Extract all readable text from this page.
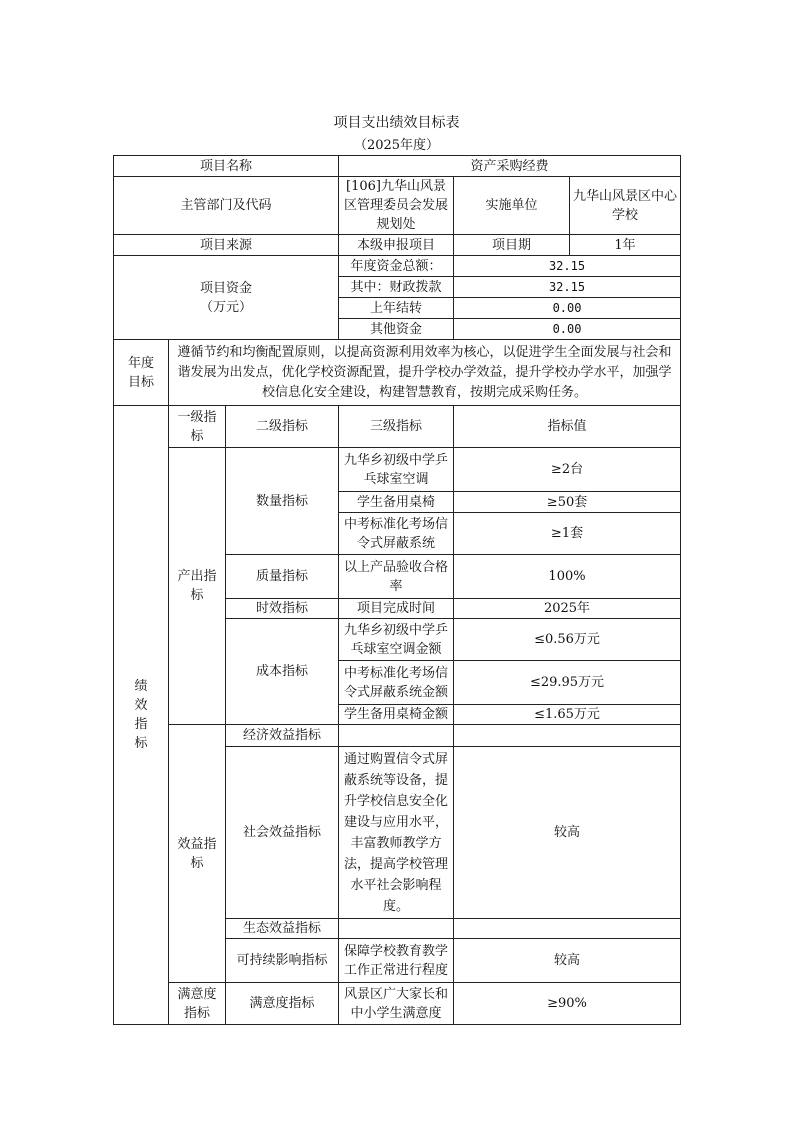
项目支出绩效目标表
（2025年度）
项目名称			资产采购经费		
主管部门及代码			[106]九华山风景区管理委员会发展规划处	实施单位	九华山风景区中心学校
项目来源			本级申报项目	项目期	1年

项目资金
（万元）			年度资金总额：	32.15	
			其中：财政拨款	32.15	
			上年结转	0.00	
			其他资金	0.00	

年度
目标	遵循节约和均衡配置原则，以提高资源利用效率为核心，以促进学生全面发展与社会和谐发展为出发点，优化学校资源配置，提升学校办学效益，提升学校办学水平，加强学校信息化安全建设，构建智慧教育，按期完成采购任务。				

绩
效
指
标	一级指标	二级指标	三级指标	指标值	
	产出指标	数量指标	九华乡初级中学乒乓球室空调	≥2台	
			学生备用桌椅	≥50套	
			中考标准化考场信令式屏蔽系统	≥1套	
		质量指标	以上产品验收合格率	100%	
		时效指标	项目完成时间	2025年	
		成本指标	九华乡初级中学乒乓球室空调金额	≤0.56万元	
			中考标准化考场信令式屏蔽系统金额	≤29.95万元	
			学生备用桌椅金额	≤1.65万元	
	效益指标	经济效益指标			
		社会效益指标	通过购置信令式屏蔽系统等设备，提升学校信息安全化建设与应用水平，丰富教师教学方法，提高学校管理水平社会影响程度。	较高	
		生态效益指标			
		可持续影响指标	保障学校教育教学工作正常进行程度	较高	
	满意度指标	满意度指标	风景区广大家长和中小学生满意度	≥90%	
